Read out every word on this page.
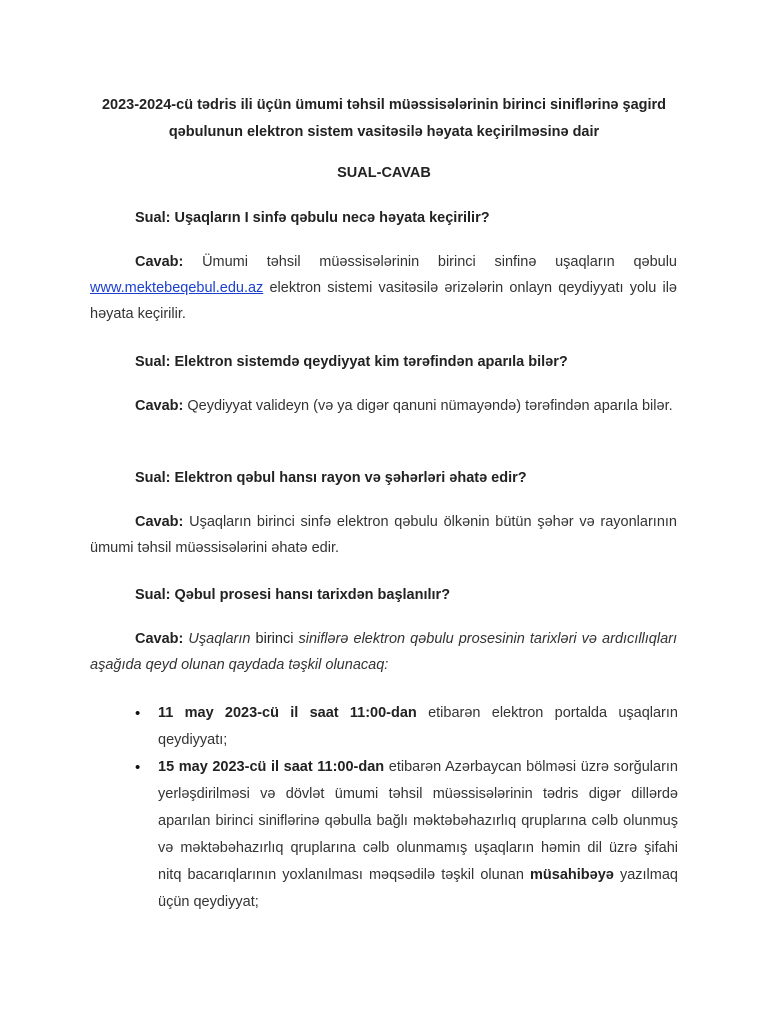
2023-2024-cü tədris ili üçün ümumi təhsil müəssisələrinin birinci siniflərinə şagird
qəbulunun elektron sistem vasitəsilə həyata keçirilməsinə dair

SUAL-CAVAB

Sual: Uşaqların I sinfə qəbulu necə həyata keçirilir?

Cavab: Ümumi təhsil müəssisələrinin birinci sinfinə uşaqların qəbulu www.mektebeqebul.edu.az elektron sistemi vasitəsilə ərizələrin onlayn qeydiyyatı yolu ilə həyata keçirilir.

Sual: Elektron sistemdə qeydiyyat kim tərəfindən aparıla bilər?

Cavab: Qeydiyyat valideyn (və ya digər qanuni nümayəndə) tərəfindən aparıla bilər.

Sual: Elektron qəbul hansı rayon və şəhərləri əhatə edir?

Cavab: Uşaqların birinci sinfə elektron qəbulu ölkənin bütün şəhər və rayonlarının ümumi təhsil müəssisələrini əhatə edir.

Sual: Qəbul prosesi hansı tarixdən başlanılır?

Cavab: Uşaqların birinci siniflərə elektron qəbulu prosesinin tarixləri və ardıcıllıqları aşağıda qeyd olunan qaydada təşkil olunacaq:

• 11 may 2023-cü il saat 11:00-dan etibarən elektron portalda uşaqların qeydiyyatı;
• 15 may 2023-cü il saat 11:00-dan etibarən Azərbaycan bölməsi üzrə sorğuların yerləşdirilməsi və dövlət ümumi təhsil müəssisələrinin tədris digər dillərdə aparılan birinci siniflərinə qəbulla bağlı məktəbəhazırlıq qruplarına cəlb olunmuş və məktəbəhazırlıq qruplarına cəlb olunmamış uşaqların həmin dil üzrə şifahi nitq bacarıqlarının yoxlanılması məqsədilə təşkil olunan müsahibəyə yazılmaq üçün qeydiyyat;
